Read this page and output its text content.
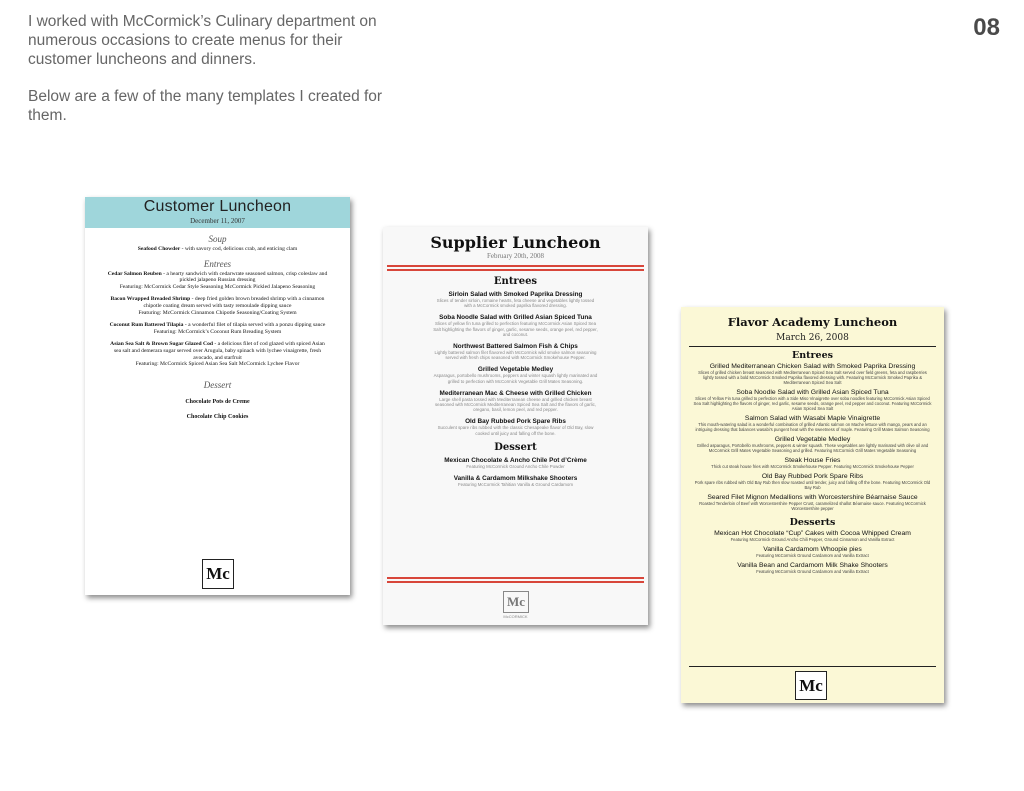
I worked with McCormick’s Culinary department on numerous occasions to create menus for their customer luncheons and dinners.

Below are a few of the many templates I created for them.

08
Customer Luncheon
December 11, 2007
Soup
Seafood Chowder - with savory cod, delicious crab, and enticing clam
Entrees
Cedar Salmon Reuben - a hearty sandwich with cedarwrate seasoned salmon, crisp coleslaw and pickled jalapeno Russian dressing
Featuring: McCormick Cedar Style Seasoning McCormick Pickled Jalapeno Seasoning
Bacon Wrapped Breaded Shrimp - deep fried golden brown breaded shrimp with a cinnamon chipotle coating dream served with tasty remoulade dipping sauce
Featuring: McCormick Cinnamon Chipotle Seasoning/Coating System
Coconut Rum Battered Tilapia - a wonderful filet of tilapia served with a ponzu dipping sauce
Featuring: McCormick’s Coconut Rum Breading System
Asian Sea Salt & Brown Sugar Glazed Cod - a delicious filet of cod glazed with spiced Asian sea salt and demerara sugar served over Arugula, baby spinach with lychee vinaigrette, fresh avocado, and starfruit
Featuring: McCormick Spiced Asian Sea Salt McCormick Lychee Flavor
Dessert
Chocolate Pots de Creme
Chocolate Chip Cookies
Mc
Supplier Luncheon
February 20th, 2008
Entrees
Sirloin Salad with Smoked Paprika Dressing
Slices of tender sirloin, romaine hearts, feta cheese and vegetables lightly tossed with a McCormick smoked paprika flavored dressing.
Soba Noodle Salad with Grilled Asian Spiced Tuna
Slices of yellow fin tuna grilled to perfection featuring McCormick Asian Spiced Sea Salt highlighting the flavors of ginger, garlic, sesame seeds, orange peel, red pepper, and coconut.
Northwest Battered Salmon Fish & Chips
Lightly battered salmon filet flavored with McCormick wild smoke salmon seasoning served with fresh chips seasoned with McCormick Smokehouse Pepper.
Grilled Vegetable Medley
Asparagus, portobello mushrooms, peppers and winter squash lightly marinated and grilled to perfection with McCormick Vegetable Grill Mates Seasoning.
Mediterranean Mac & Cheese with Grilled Chicken
Large shell pasta tossed with Mediterranean cheese and grilled chicken breast seasoned with McCormick Mediterranean Spiced Sea Salt and the flavors of garlic, oregano, basil, lemon peel, and red pepper.
Old Bay Rubbed Pork Spare Ribs
Succulent spare ribs rubbed with the classic Chesapeake flavor of Old Bay, slow cooked until juicy and falling off the bone.
Dessert
Mexican Chocolate & Ancho Chile Pot d’Crème
Featuring McCormick Ground Ancho Chile Powder
Vanilla & Cardamom Milkshake Shooters
Featuring McCormick Tahitian Vanilla & Ground Cardamom
Mc
McCORMICK
Flavor Academy Luncheon
March 26, 2008
Entrees
Grilled Mediterranean Chicken Salad with Smoked Paprika Dressing
Slices of grilled chicken breast seasoned with Mediterranean Spiced Sea Salt served over field greens, feta and raspberries lightly tossed with a bold McCormick Smoked Paprika flavored dressing with. Featuring McCormick Smoked Paprika & Mediterranean Spiced Sea Salt
Soba Noodle Salad with Grilled Asian Spiced Tuna
Slices of Yellow Fin tuna grilled to perfection with a Side Miso Vinaigrette over soba noodles featuring McCormick Asian Spiced Sea Salt highlighting the flavors of ginger, red garlic, sesame seeds, orange peel, red pepper and coconut. Featuring McCormick Asian Spiced Sea Salt
Salmon Salad with Wasabi Maple Vinaigrette
This mouth-watering salad is a wonderful combination of grilled Atlantic salmon on Mache lettuce with mango, pears and an intriguing dressing that balances wasabi’s pungent heat with the sweetness of maple. Featuring Grill Mates Salmon Seasoning
Grilled Vegetable Medley
Grilled asparagus, Portobello mushrooms, peppers & winter squash. These vegetables are lightly marinated with olive oil and McCormick Grill Mates Vegetable Seasoning and grilled. Featuring McCormick Grill Mates Vegetable Seasoning
Steak House Fries
Thick cut steak house fries with McCormick Smokehouse Pepper. Featuring McCormick Smokehouse Pepper
Old Bay Rubbed Pork Spare Ribs
Pork spare ribs rubbed with Old Bay Rub then slow roasted until tender, juicy and falling off the bone. Featuring McCormick Old Bay Rub
Seared Filet Mignon Medallions with Worcestershire Béarnaise Sauce
Roasted Tenderloin of Beef with Worcestershire Pepper Crust, caramelized shallot Béarnaise sauce. Featuring McCormick Worcestershire pepper
Desserts
Mexican Hot Chocolate “Cup” Cakes with Cocoa Whipped Cream
Featuring McCormick Ground Ancho Chili Pepper, Ground Cinnamon and Vanilla Extract
Vanilla Cardamom Whoopie pies
Featuring McCormick Ground Cardamom and Vanilla Extract
Vanilla Bean and Cardamom Milk Shake Shooters
Featuring McCormick Ground Cardamom and Vanilla Extract
Mc
